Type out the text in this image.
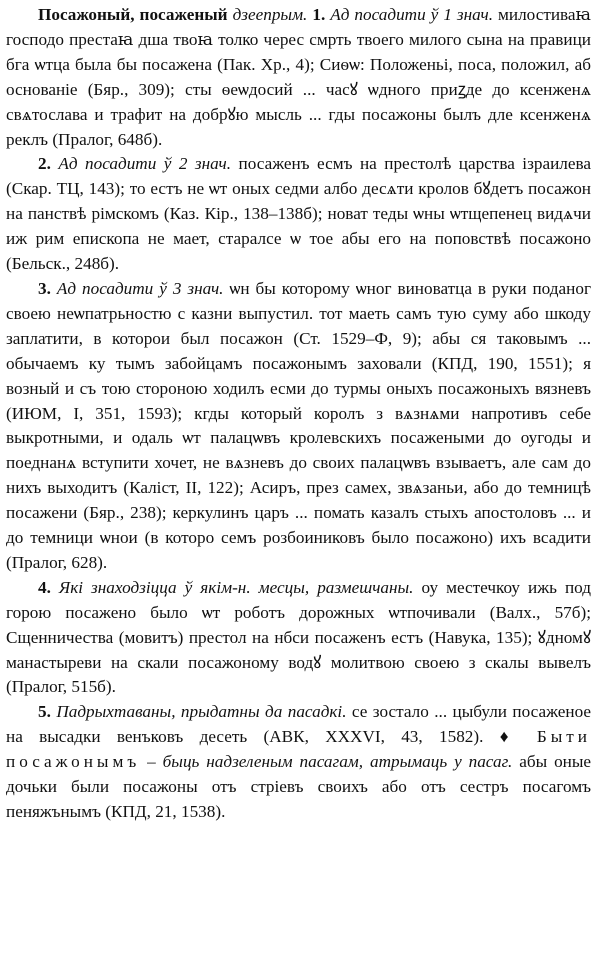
Посажоный, посаженый дзеепрым. 1. Ад посадити ў 1 знач. милостиваꙗ господо престаꙗ дша твоꙗ толко черес смрть твоего милого сына на правици бга ѡтца была бы посажена (Пак. Хр., 4); Сиѳѡ: Положеньі, поса, положил, аб основаніе (Бяр., 309); сты ѳеѡдосий ... часꙋ ѡдного приꙁде до ксенженѧ свѧтослава и трафит на добрꙋю мысль ... гды посажоны былъ дле ксенженѧ реклъ (Пралог, 648б).

2. Ад посадити ў 2 знач. посаженъ есмъ на престолѣ царства ізраилева (Скар. ТЦ, 143); то естъ не ѡт оных седми албо десѧти кролов бꙋдетъ посажон на панствѣ рімскомъ (Каз. Кір., 138–138б); новат теды ѡны ѡтщепенец видѧчи иж рим епископа не мает, старалсе ѡ тое абы его на поповствѣ посажоно (Бельск., 248б).

3. Ад посадити ў 3 знач. ѡн бы которому ѡног виноватца в руки поданог своею неѡпатрьностю с казни выпустил. тот маеть самъ тую суму або шкоду заплатити, в которои был посажон (Ст. 1529–Ф, 9); абы ся таковымъ ... обычаемъ ку тымъ забойцамъ посажонымъ заховали (КПД, 190, 1551); я возный и съ тою стороною ходилъ есми до турмы оныхъ посажоныхъ вязневъ (ИЮМ, I, 351, 1593); кгды который королъ з вѧзнѧми напротивъ себе выкротными, и одаль ѡт палацѡвъ кролевскихъ посажеными до оугоды и поеднанѧ вступити хочет, не вѧзневъ до своих палацѡвъ взываетъ, але сам до нихъ выходитъ (Каліст, II, 122); Асиръ, през самех, звѧзаньи, або до темницѣ посажени (Бяр., 238); керкулинъ царъ ... помать казалъ стыхъ апостоловъ ... и до темници ѡнои (в которо семъ розбоиниковъ было посажоно) ихъ всадити (Пралог, 628).

4. Які знаходзіцца ў якім-н. месцы, размешчаны. оу местечкоу ижь под горою посажено было ѡт роботъ дорожных ѡтпочивали (Валх., 57б); Сщенничества (мовитъ) престол на нбси посаженъ естъ (Навука, 135); ꙋдномꙋ манастыреви на скали посажоному водꙋ молитвою своею з скалы вывелъ (Пралог, 515б).

5. Падрыхтаваны, прыдатны да пасадкі. се зостало ... цыбули посаженое на высадки венъковъ десеть (АВК, XXXVI, 43, 1582). ♦ Быти посажонымъ – быць надзеленым пасагам, атрымаць у пасаг. абы оные дочьки были посажоны отъ стріевъ своихъ або отъ сестръ посагомъ пеняжънымъ (КПД, 21, 1538).
